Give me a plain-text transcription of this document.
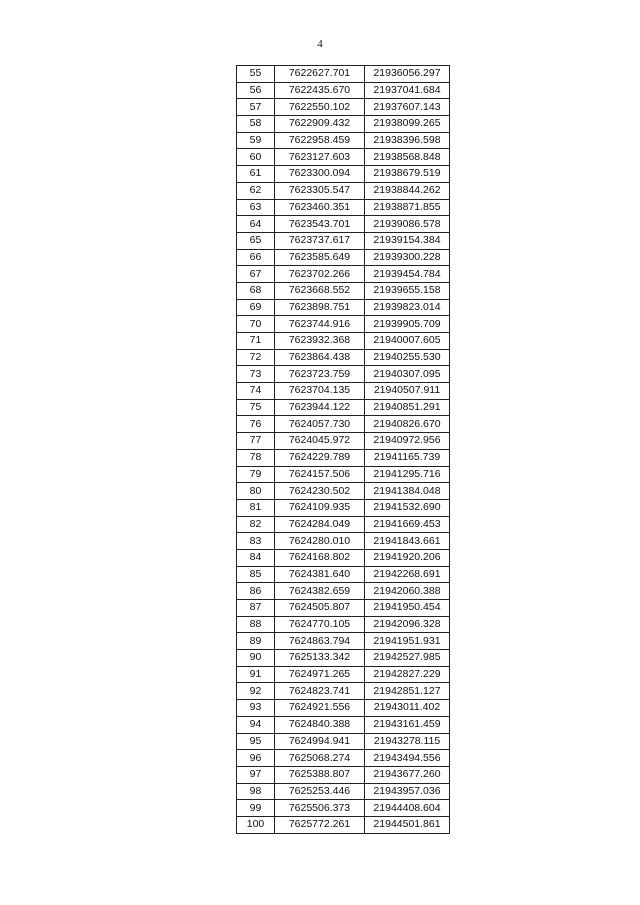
4
55	7622627.701	21936056.297
56	7622435.670	21937041.684
57	7622550.102	21937607.143
58	7622909.432	21938099.265
59	7622958.459	21938396.598
60	7623127.603	21938568.848
61	7623300.094	21938679.519
62	7623305.547	21938844.262
63	7623460.351	21938871.855
64	7623543.701	21939086.578
65	7623737.617	21939154.384
66	7623585.649	21939300.228
67	7623702.266	21939454.784
68	7623668.552	21939655.158
69	7623898.751	21939823.014
70	7623744.916	21939905.709
71	7623932.368	21940007.605
72	7623864.438	21940255.530
73	7623723.759	21940307.095
74	7623704.135	21940507.911
75	7623944.122	21940851.291
76	7624057.730	21940826.670
77	7624045.972	21940972.956
78	7624229.789	21941165.739
79	7624157.506	21941295.716
80	7624230.502	21941384.048
81	7624109.935	21941532.690
82	7624284.049	21941669.453
83	7624280.010	21941843.661
84	7624168.802	21941920.206
85	7624381.640	21942268.691
86	7624382.659	21942060.388
87	7624505.807	21941950.454
88	7624770.105	21942096.328
89	7624863.794	21941951.931
90	7625133.342	21942527.985
91	7624971.265	21942827.229
92	7624823.741	21942851.127
93	7624921.556	21943011.402
94	7624840.388	21943161.459
95	7624994.941	21943278.115
96	7625068.274	21943494.556
97	7625388.807	21943677.260
98	7625253.446	21943957.036
99	7625506.373	21944408.604
100	7625772.261	21944501.861
